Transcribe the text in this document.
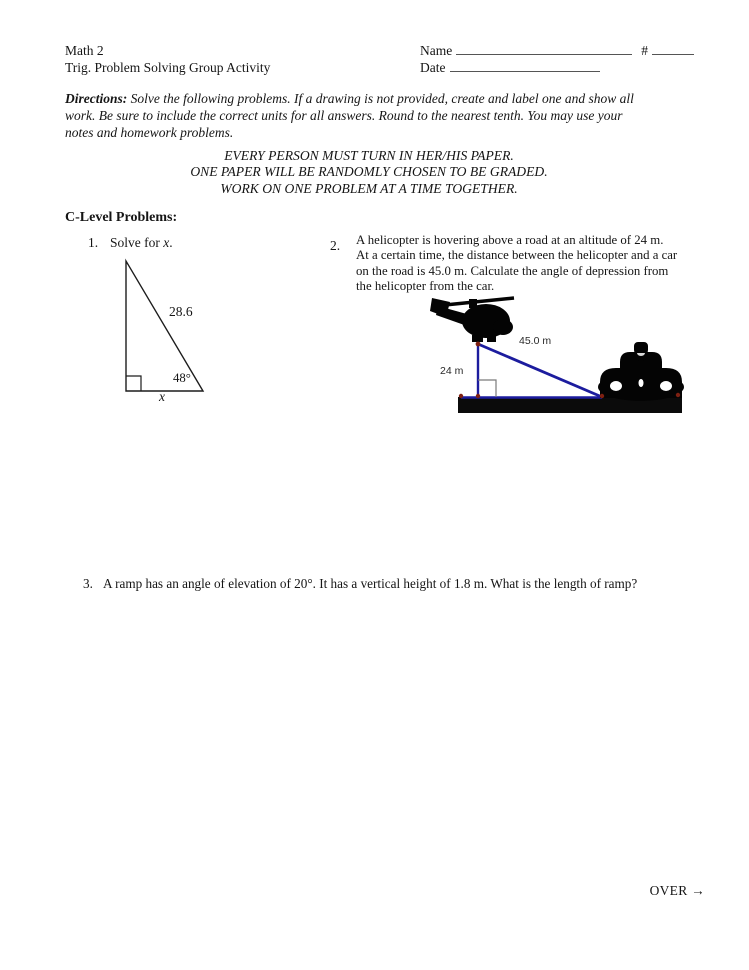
Math 2
Trig. Problem Solving Group Activity
Name	#
Date
Directions: Solve the following problems. If a drawing is not provided, create and label one and show all
work. Be sure to include the correct units for all answers. Round to the nearest tenth. You may use your
notes and homework problems.
EVERY PERSON MUST TURN IN HER/HIS PAPER.
ONE PAPER WILL BE RANDOMLY CHOSEN TO BE GRADED.
WORK ON ONE PROBLEM AT A TIME TOGETHER.
C-Level Problems:
1. Solve for x.
28.6
48°
x
2. A helicopter is hovering above a road at an altitude of 24 m.
At a certain time, the distance between the helicopter and a car
on the road is 45.0 m. Calculate the angle of depression from
the helicopter from the car.
45.0 m
24 m
3. A ramp has an angle of elevation of 20°. It has a vertical height of 1.8 m. What is the length of ramp?
OVER →
